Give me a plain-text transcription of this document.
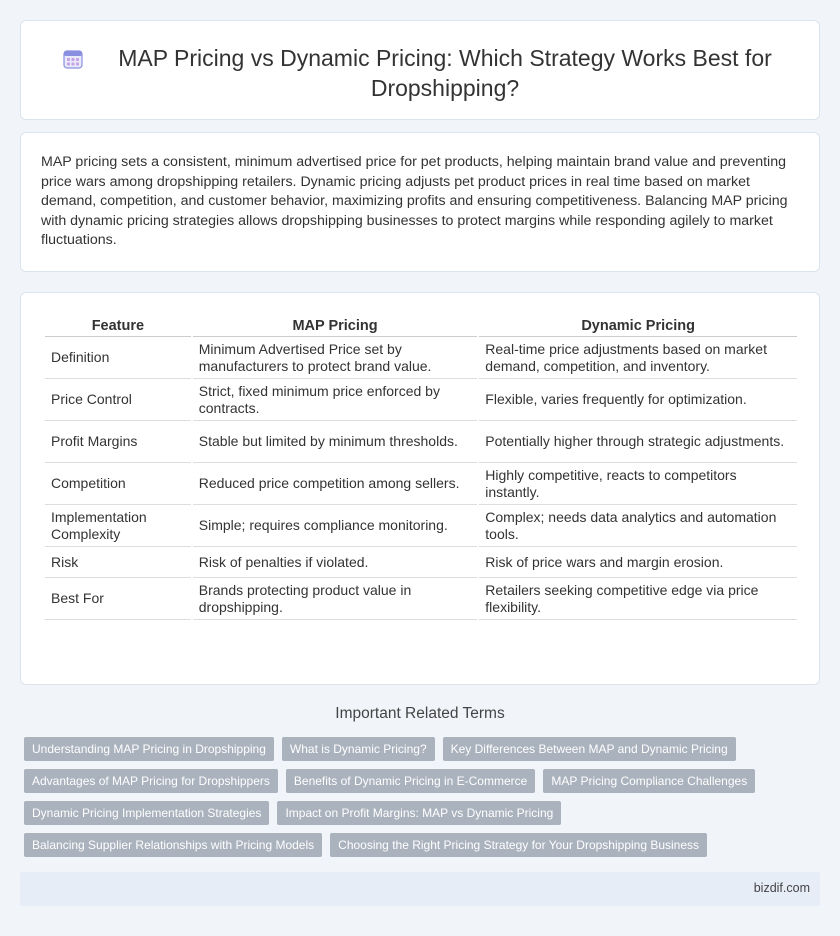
MAP Pricing vs Dynamic Pricing: Which Strategy Works Best for Dropshipping?

MAP pricing sets a consistent, minimum advertised price for pet products, helping maintain brand value and preventing price wars among dropshipping retailers. Dynamic pricing adjusts pet product prices in real time based on market demand, competition, and customer behavior, maximizing profits and ensuring competitiveness. Balancing MAP pricing with dynamic pricing strategies allows dropshipping businesses to protect margins while responding agilely to market fluctuations.

Feature	MAP Pricing	Dynamic Pricing
Definition	Minimum Advertised Price set by manufacturers to protect brand value.	Real-time price adjustments based on market demand, competition, and inventory.
Price Control	Strict, fixed minimum price enforced by contracts.	Flexible, varies frequently for optimization.
Profit Margins	Stable but limited by minimum thresholds.	Potentially higher through strategic adjustments.
Competition	Reduced price competition among sellers.	Highly competitive, reacts to competitors instantly.
Implementation Complexity	Simple; requires compliance monitoring.	Complex; needs data analytics and automation tools.
Risk	Risk of penalties if violated.	Risk of price wars and margin erosion.
Best For	Brands protecting product value in dropshipping.	Retailers seeking competitive edge via price flexibility.
Important Related Terms
Understanding MAP Pricing in Dropshipping	What is Dynamic Pricing?	Key Differences Between MAP and Dynamic Pricing
Advantages of MAP Pricing for Dropshippers	Benefits of Dynamic Pricing in E-Commerce	MAP Pricing Compliance Challenges
Dynamic Pricing Implementation Strategies	Impact on Profit Margins: MAP vs Dynamic Pricing
Balancing Supplier Relationships with Pricing Models	Choosing the Right Pricing Strategy for Your Dropshipping Business
bizdif.com
